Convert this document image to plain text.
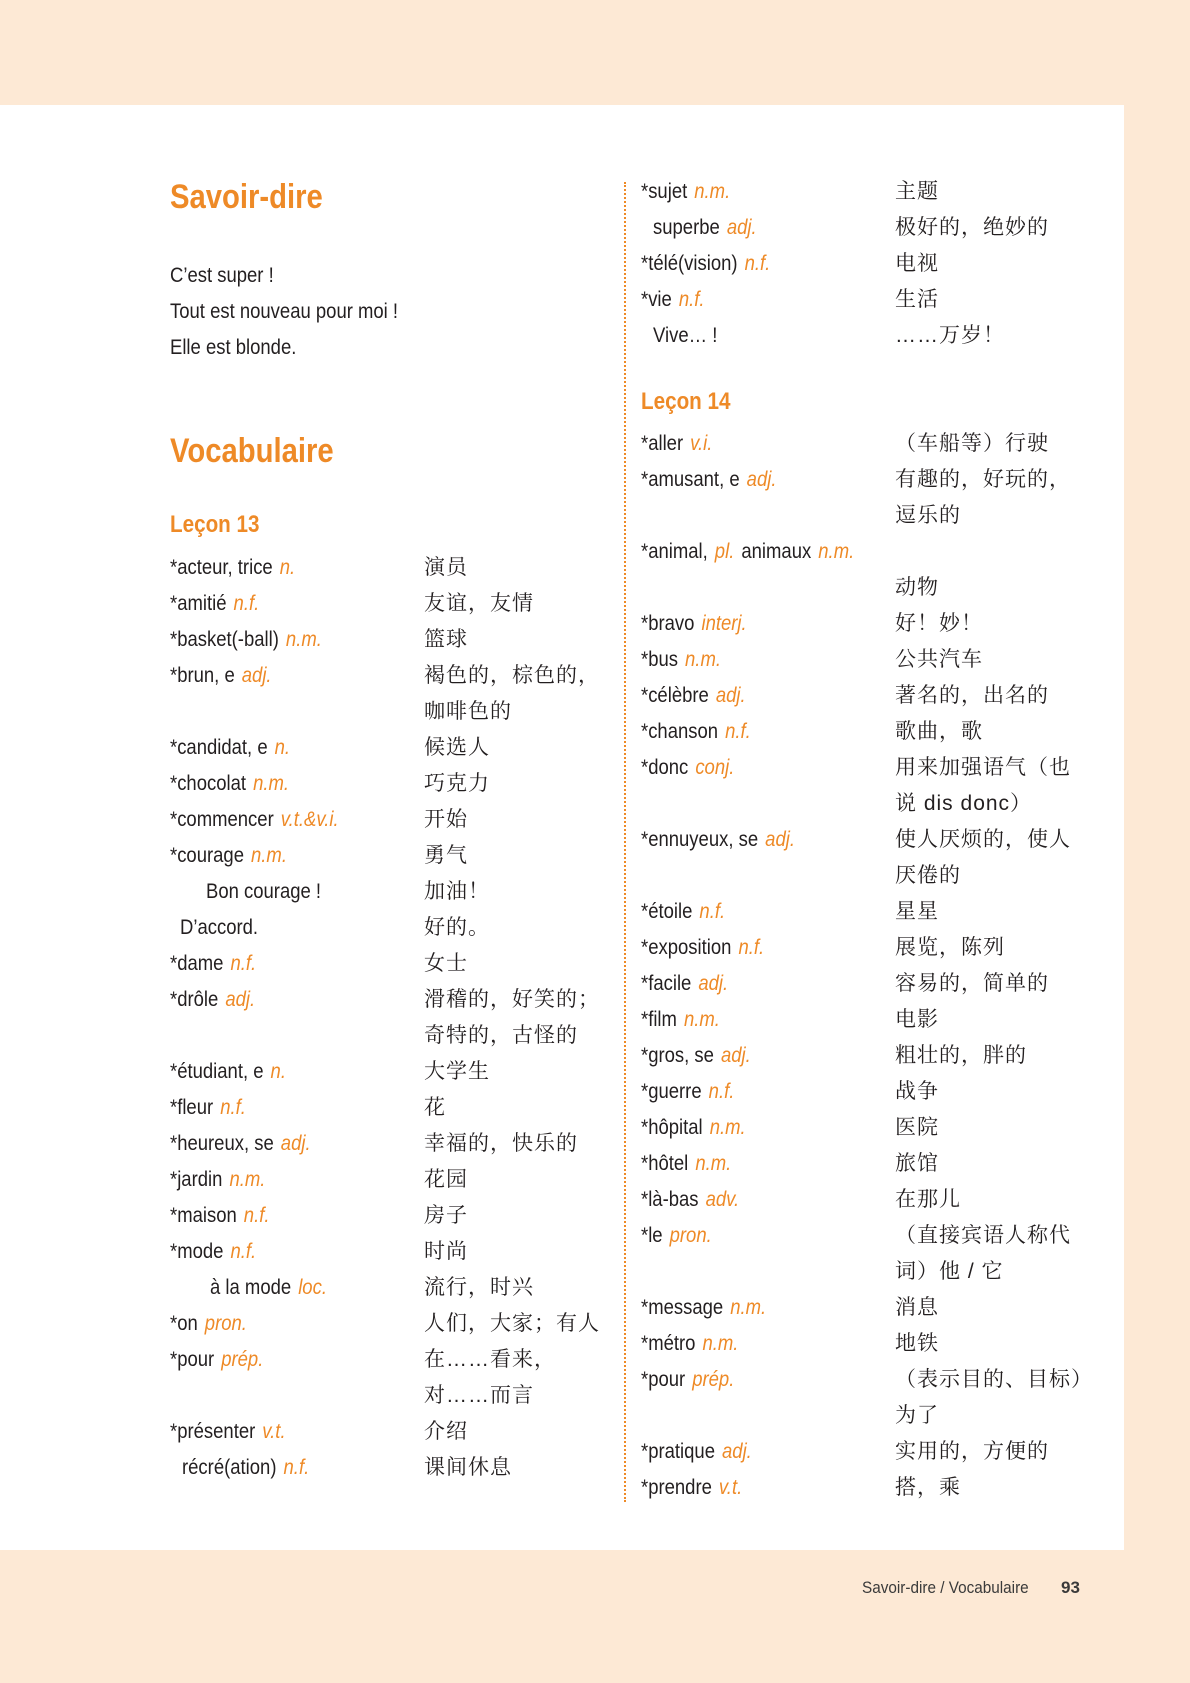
Savoir-dire
C’est super !
Tout est nouveau pour moi !
Elle est blonde.
Vocabulaire
Leçon 13
*acteur, trice n.	演员
*amitié n.f.	友谊，友情
*basket(-ball) n.m.	篮球
*brun, e adj.	褐色的，棕色的，
咖啡色的
*candidat, e n.	候选人
*chocolat n.m.	巧克力
*commencer v.t.&v.i.	开始
*courage n.m.	勇气
Bon courage !	加油！
D’accord.	好的。
*dame n.f.	女士
*drôle adj.	滑稽的，好笑的；
奇特的，古怪的
*étudiant, e n.	大学生
*fleur n.f.	花
*heureux, se adj.	幸福的，快乐的
*jardin n.m.	花园
*maison n.f.	房子
*mode n.f.	时尚
à la mode loc.	流行，时兴
*on pron.	人们，大家；有人
*pour prép.	在……看来，
对……而言
*présenter v.t.	介绍
récré(ation) n.f.	课间休息
*sujet n.m.	主题
superbe adj.	极好的，绝妙的
*télé(vision) n.f.	电视
*vie n.f.	生活
Vive… !	……万岁！
Leçon 14
*aller v.i.	（车船等）行驶
*amusant, e adj.	有趣的，好玩的，
逗乐的
*animal, pl. animaux n.m.
动物
*bravo interj.	好！妙！
*bus n.m.	公共汽车
*célèbre adj.	著名的，出名的
*chanson n.f.	歌曲，歌
*donc conj.	用来加强语气（也
说 dis donc）
*ennuyeux, se adj.	使人厌烦的，使人
厌倦的
*étoile n.f.	星星
*exposition n.f.	展览，陈列
*facile adj.	容易的，简单的
*film n.m.	电影
*gros, se adj.	粗壮的，胖的
*guerre n.f.	战争
*hôpital n.m.	医院
*hôtel n.m.	旅馆
*là-bas adv.	在那儿
*le pron.	（直接宾语人称代
词）他 / 它
*message n.m.	消息
*métro n.m.	地铁
*pour prép.	（表示目的、目标）
为了
*pratique adj.	实用的，方便的
*prendre v.t.	搭，乘
Savoir-dire / Vocabulaire 93
